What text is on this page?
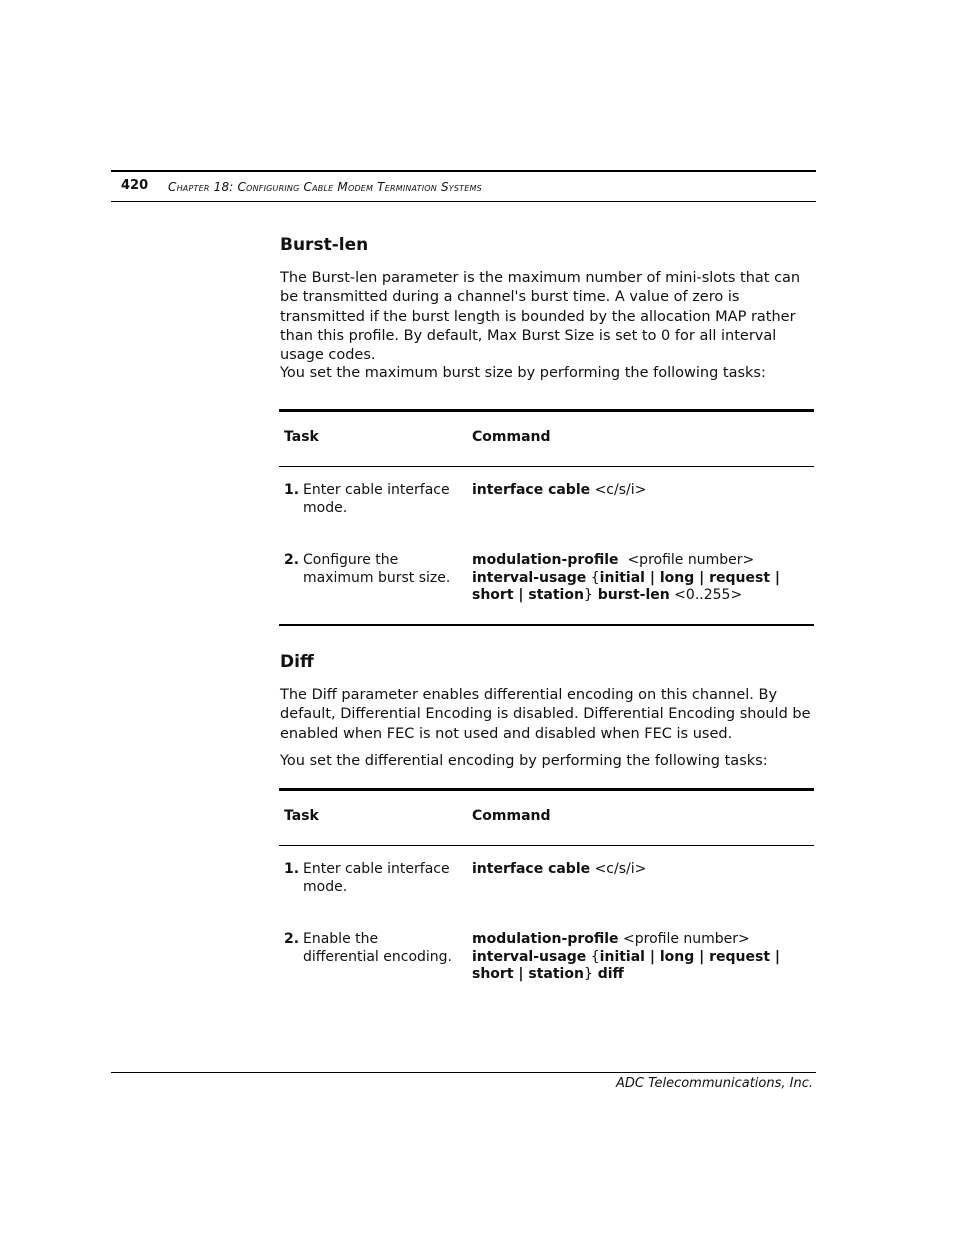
420 Chapter 18: Configuring Cable Modem Termination Systems
Burst-len
The Burst-len parameter is the maximum number of mini-slots that can be transmitted during a channel's burst time. A value of zero is transmitted if the burst length is bounded by the allocation MAP rather than this profile. By default, Max Burst Size is set to 0 for all interval usage codes.
You set the maximum burst size by performing the following tasks:
Task	Command
1. Enter cable interface mode.
interface cable <c/s/i>
2. Configure the maximum burst size.
modulation-profile  <profile number>
interval-usage {initial | long | request | short | station} burst-len <0..255>
Diff
The Diff parameter enables differential encoding on this channel. By default, Differential Encoding is disabled. Differential Encoding should be enabled when FEC is not used and disabled when FEC is used.
You set the differential encoding by performing the following tasks:
Task	Command
1. Enter cable interface mode.
interface cable <c/s/i>
2. Enable the differential encoding.
modulation-profile <profile number>
interval-usage {initial | long | request | short | station} diff
ADC Telecommunications, Inc.
